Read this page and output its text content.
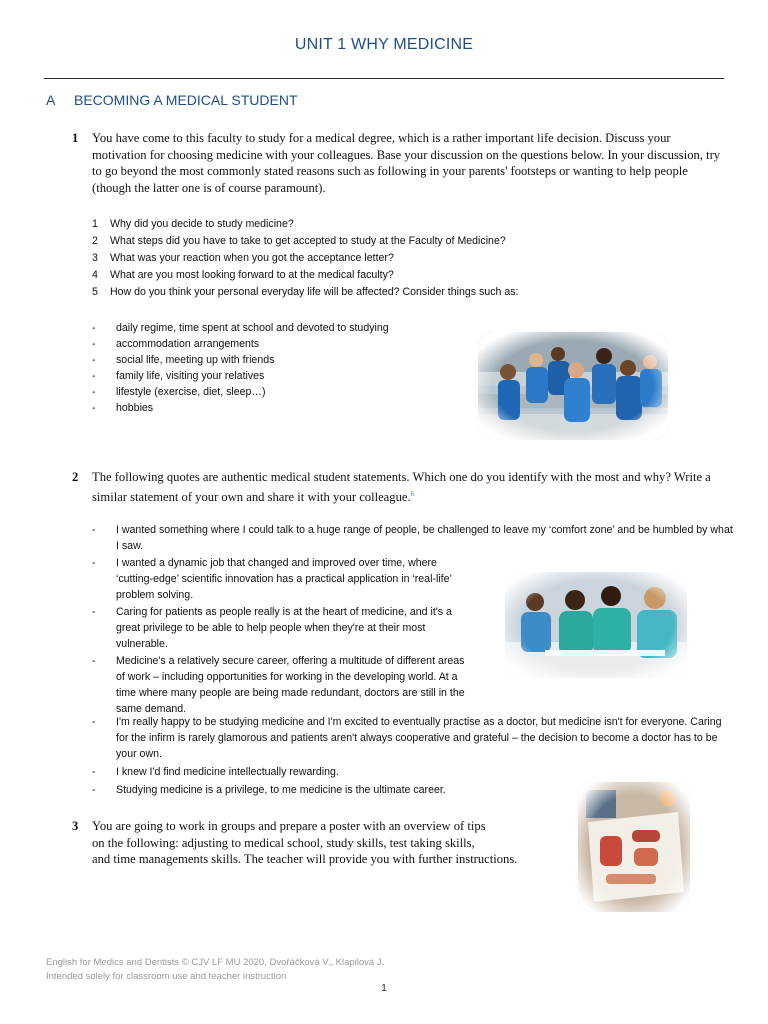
UNIT 1 WHY MEDICINE
A BECOMING A MEDICAL STUDENT
1 You have come to this faculty to study for a medical degree, which is a rather important life decision. Discuss your motivation for choosing medicine with your colleagues. Base your discussion on the questions below. In your discussion, try to go beyond the most commonly stated reasons such as following in your parents' footsteps or wanting to help people (though the latter one is of course paramount).
1 Why did you decide to study medicine?
2 What steps did you have to take to get accepted to study at the Faculty of Medicine?
3 What was your reaction when you got the acceptance letter?
4 What are you most looking forward to at the medical faculty?
5 How do you think your personal everyday life will be affected? Consider things such as:
- daily regime, time spent at school and devoted to studying
- accommodation arrangements
- social life, meeting up with friends
- family life, visiting your relatives
- lifestyle (exercise, diet, sleep…)
- hobbies
2 The following quotes are authentic medical student statements. Which one do you identify with the most and why? Write a similar statement of your own and share it with your colleague.$^6$
- I wanted something where I could talk to a huge range of people, be challenged to leave my ‘comfort zone’ and be humbled by what I saw.
- I wanted a dynamic job that changed and improved over time, where ‘cutting-edge’ scientific innovation has a practical application in ‘real-life’ problem solving.
- Caring for patients as people really is at the heart of medicine, and it's a great privilege to be able to help people when they're at their most vulnerable.
- Medicine's a relatively secure career, offering a multitude of different areas of work – including opportunities for working in the developing world. At a time where many people are being made redundant, doctors are still in the same demand.
- I'm really happy to be studying medicine and I'm excited to eventually practise as a doctor, but medicine isn't for everyone. Caring for the infirm is rarely glamorous and patients aren't always cooperative and grateful – the decision to become a doctor has to be your own.
- I knew I'd find medicine intellectually rewarding.
- Studying medicine is a privilege, to me medicine is the ultimate career.
3 You are going to work in groups and prepare a poster with an overview of tips
on the following: adjusting to medical school, study skills, test taking skills,
and time managements skills. The teacher will provide you with further instructions.
English for Medics and Dentists © CJV LF MU 2020, Dvořáčková V., Klapilová J.
Intended solely for classroom use and teacher instruction
1
